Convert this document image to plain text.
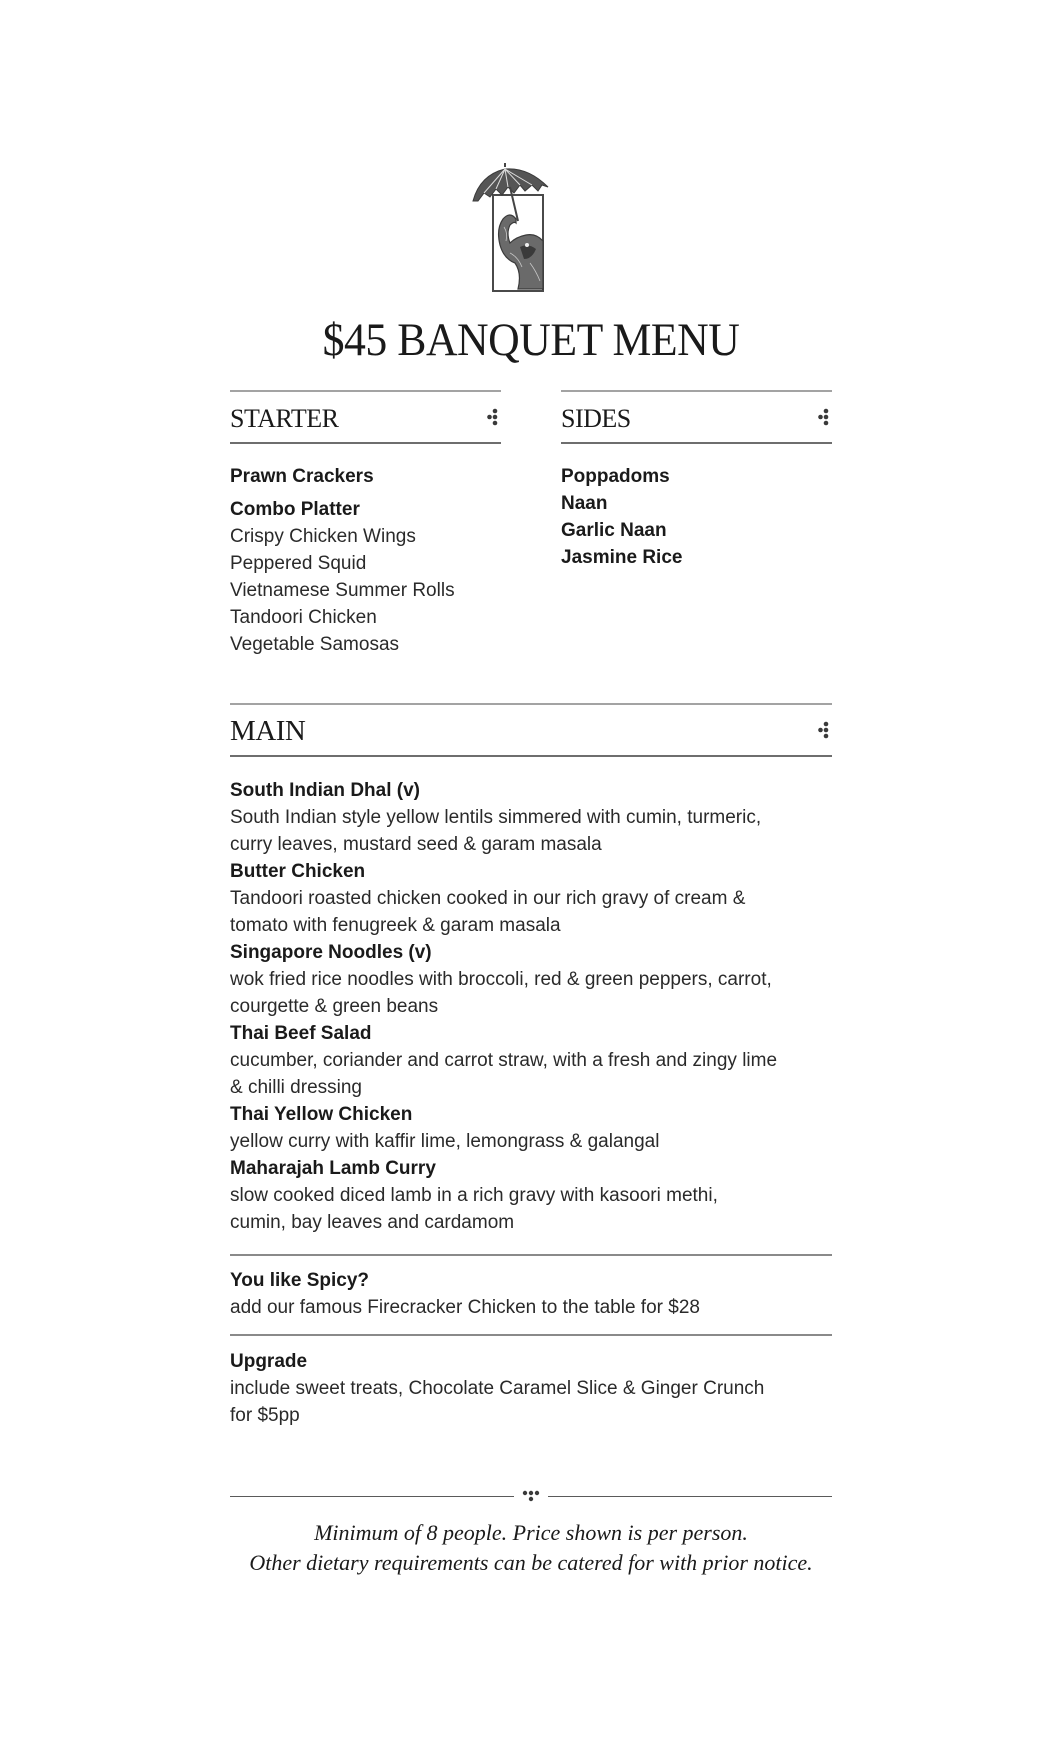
$45 BANQUET MENU
STARTER	SIDES
Prawn Crackers
Combo Platter
Crispy Chicken Wings
Peppered Squid
Vietnamese Summer Rolls
Tandoori Chicken
Vegetable Samosas
Poppadoms
Naan
Garlic Naan
Jasmine Rice
MAIN
South Indian Dhal (v)
South Indian style yellow lentils simmered with cumin, turmeric,
curry leaves, mustard seed & garam masala
Butter Chicken
Tandoori roasted chicken cooked in our rich gravy of cream &
tomato with fenugreek & garam masala
Singapore Noodles (v)
wok fried rice noodles with broccoli, red & green peppers, carrot,
courgette & green beans
Thai Beef Salad
cucumber, coriander and carrot straw, with a fresh and zingy lime
& chilli dressing
Thai Yellow Chicken
yellow curry with kaffir lime, lemongrass & galangal
Maharajah Lamb Curry
slow cooked diced lamb in a rich gravy with kasoori methi,
cumin, bay leaves and cardamom
You like Spicy?
add our famous Firecracker Chicken to the table for $28
Upgrade
include sweet treats, Chocolate Caramel Slice & Ginger Crunch
for $5pp
Minimum of 8 people. Price shown is per person.
Other dietary requirements can be catered for with prior notice.
